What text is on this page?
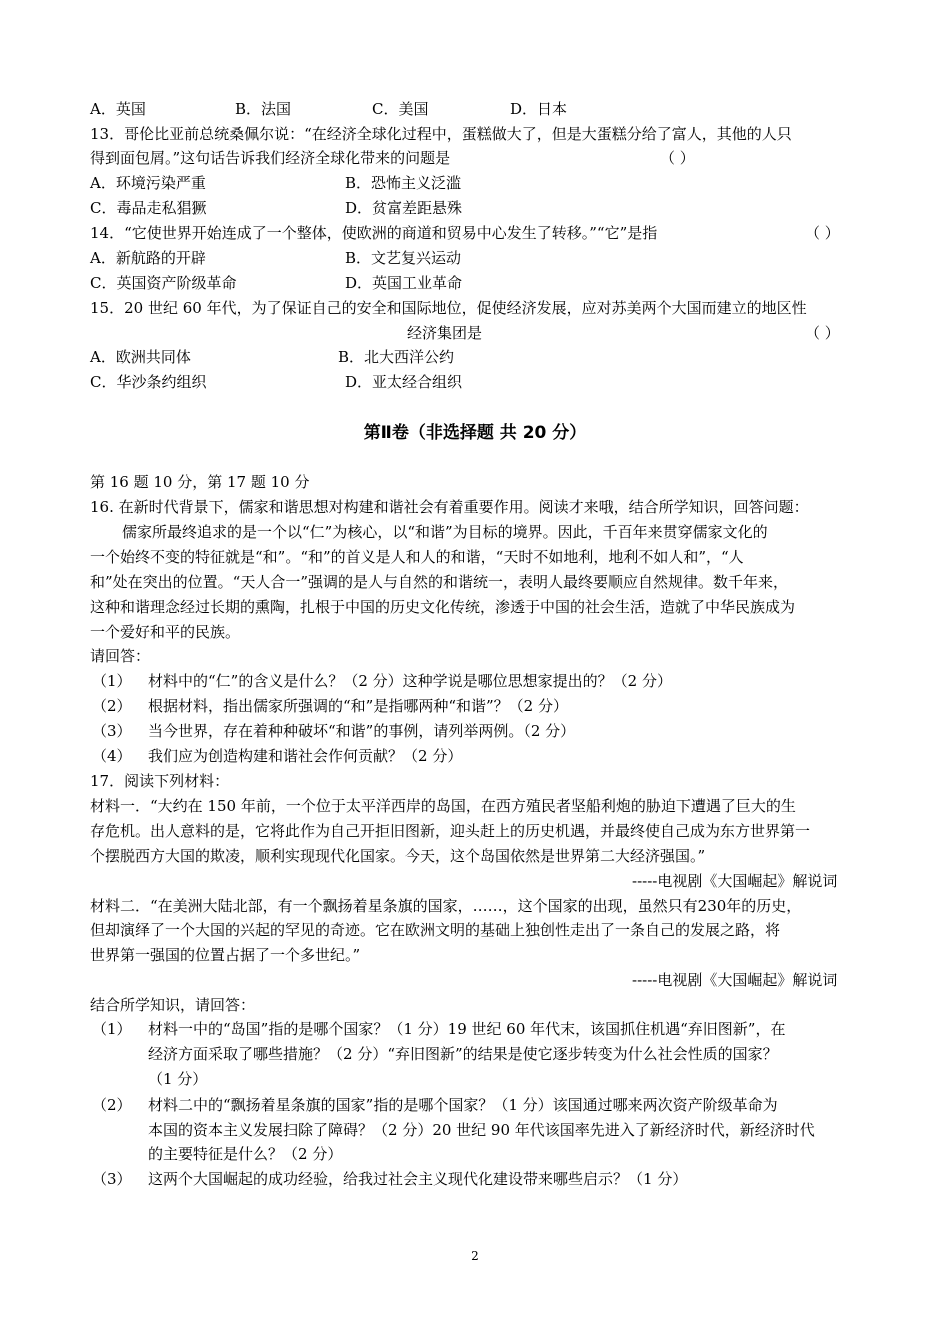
A．英国	B．法国	C．美国	D．日本
13．哥伦比亚前总统桑佩尔说：“在经济全球化过程中，蛋糕做大了，但是大蛋糕分给了富人，其他的人只
得到面包屑。”这句话告诉我们经济全球化带来的问题是	（ ）
A．环境污染严重	B．恐怖主义泛滥
C．毒品走私猖獗	D．贫富差距悬殊
14．“它使世界开始连成了一个整体，使欧洲的商道和贸易中心发生了转移。”“它”是指	（ ）
A．新航路的开辟	B．文艺复兴运动
C．英国资产阶级革命	D．英国工业革命
15．20 世纪 60 年代，为了保证自己的安全和国际地位，促使经济发展，应对苏美两个大国而建立的地区性
经济集团是	（ ）
A．欧洲共同体	B．北大西洋公约
C．华沙条约组织	D．亚太经合组织
第Ⅱ卷（非选择题 共 20 分）
第 16 题 10 分，第 17 题 10 分
16. 在新时代背景下，儒家和谐思想对构建和谐社会有着重要作用。阅读才来哦，结合所学知识，回答问题：
儒家所最终追求的是一个以“仁”为核心，以“和谐”为目标的境界。因此，千百年来贯穿儒家文化的
一个始终不变的特征就是“和”。“和”的首义是人和人的和谐，“天时不如地利，地利不如人和”，“人
和”处在突出的位置。“天人合一”强调的是人与自然的和谐统一，表明人最终要顺应自然规律。数千年来，
这种和谐理念经过长期的熏陶，扎根于中国的历史文化传统，渗透于中国的社会生活，造就了中华民族成为
一个爱好和平的民族。
请回答：
（1） 材料中的“仁”的含义是什么？（2 分）这种学说是哪位思想家提出的？（2 分）
（2） 根据材料，指出儒家所强调的“和”是指哪两种“和谐”？（2 分）
（3） 当今世界，存在着种种破坏“和谐”的事例，请列举两例。（2 分）
（4） 我们应为创造构建和谐社会作何贡献？（2 分）
17．阅读下列材料：
材料一．“大约在 150 年前，一个位于太平洋西岸的岛国，在西方殖民者坚船利炮的胁迫下遭遇了巨大的生
存危机。出人意料的是，它将此作为自己开拒旧图新，迎头赶上的历史机遇，并最终使自己成为东方世界第一
个摆脱西方大国的欺凌，顺利实现现代化国家。今天，这个岛国依然是世界第二大经济强国。”
-----电视剧《大国崛起》解说词
材料二．“在美洲大陆北部，有一个飘扬着星条旗的国家，……，这个国家的出现，虽然只有230年的历史，
但却演绎了一个大国的兴起的罕见的奇迹。它在欧洲文明的基础上独创性走出了一条自己的发展之路，将
世界第一强国的位置占据了一个多世纪。”
-----电视剧《大国崛起》解说词
结合所学知识，请回答：
（1） 材料一中的“岛国”指的是哪个国家？（1 分）19 世纪 60 年代末，该国抓住机遇“弃旧图新”，在
经济方面采取了哪些措施？（2 分）“弃旧图新”的结果是使它逐步转变为什么社会性质的国家？
（1 分）
（2） 材料二中的“飘扬着星条旗的国家”指的是哪个国家？（1 分）该国通过哪来两次资产阶级革命为
本国的资本主义发展扫除了障碍？（2 分）20 世纪 90 年代该国率先进入了新经济时代，新经济时代
的主要特征是什么？（2 分）
（3） 这两个大国崛起的成功经验，给我过社会主义现代化建设带来哪些启示？（1 分）
2
